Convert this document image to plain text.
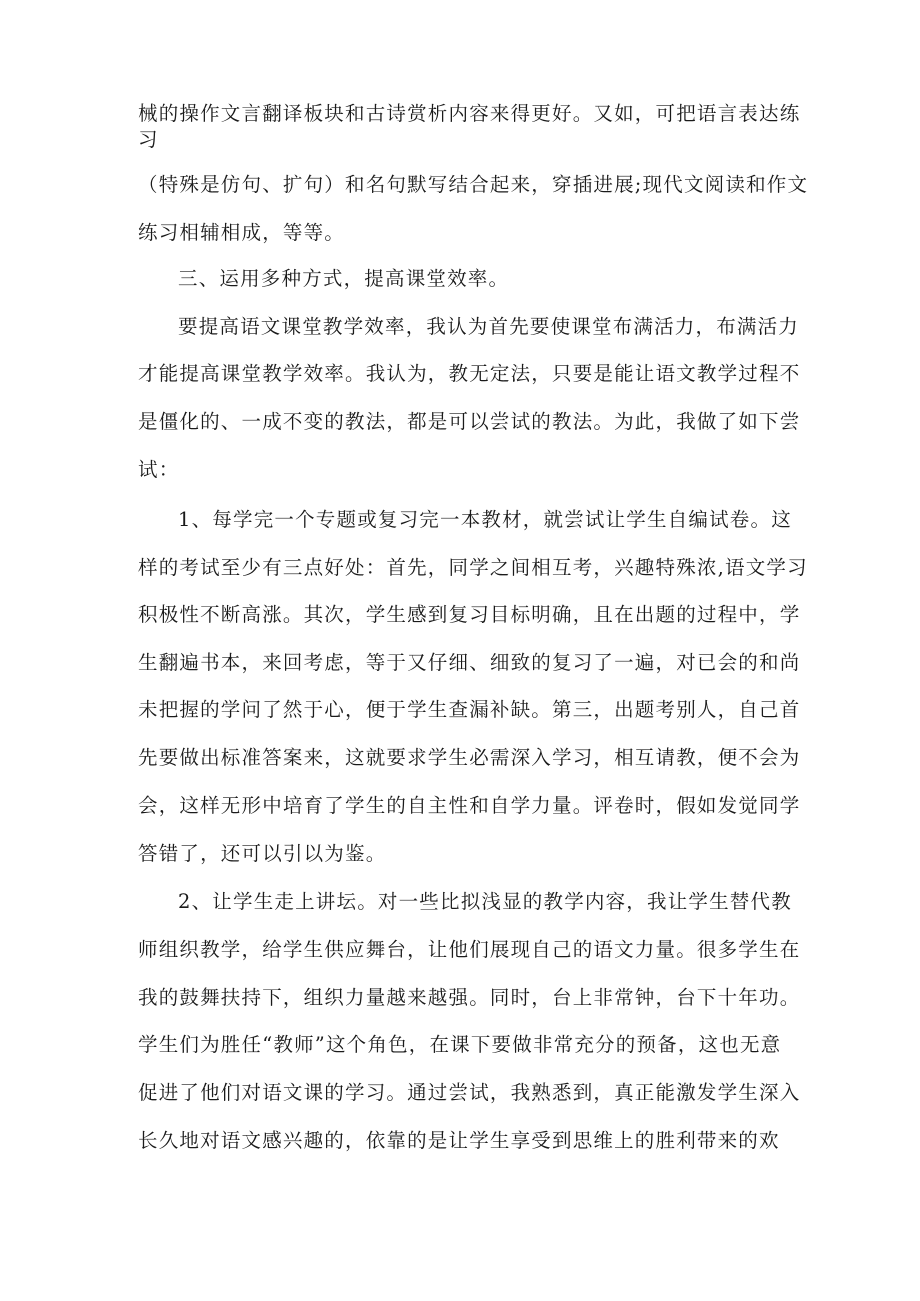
械的操作文言翻译板块和古诗赏析内容来得更好。又如，可把语言表达练
习
（特殊是仿句、扩句）和名句默写结合起来，穿插进展;现代文阅读和作文
练习相辅相成，等等。
三、运用多种方式，提高课堂效率。
要提高语文课堂教学效率，我认为首先要使课堂布满活力，布满活力
才能提高课堂教学效率。我认为，教无定法，只要是能让语文教学过程不
是僵化的、一成不变的教法，都是可以尝试的教法。为此，我做了如下尝
试：
1、每学完一个专题或复习完一本教材，就尝试让学生自编试卷。这
样的考试至少有三点好处：首先，同学之间相互考，兴趣特殊浓,语文学习
积极性不断高涨。其次，学生感到复习目标明确，且在出题的过程中，学
生翻遍书本，来回考虑，等于又仔细、细致的复习了一遍，对已会的和尚
未把握的学问了然于心，便于学生查漏补缺。第三，出题考别人，自己首
先要做出标准答案来，这就要求学生必需深入学习，相互请教，便不会为
会，这样无形中培育了学生的自主性和自学力量。评卷时，假如发觉同学
答错了，还可以引以为鉴。
2、让学生走上讲坛。对一些比拟浅显的教学内容，我让学生替代教
师组织教学，给学生供应舞台，让他们展现自己的语文力量。很多学生在
我的鼓舞扶持下，组织力量越来越强。同时，台上非常钟，台下十年功。
学生们为胜任“教师”这个角色，在课下要做非常充分的预备，这也无意
促进了他们对语文课的学习。通过尝试，我熟悉到，真正能激发学生深入
长久地对语文感兴趣的，依靠的是让学生享受到思维上的胜利带来的欢
